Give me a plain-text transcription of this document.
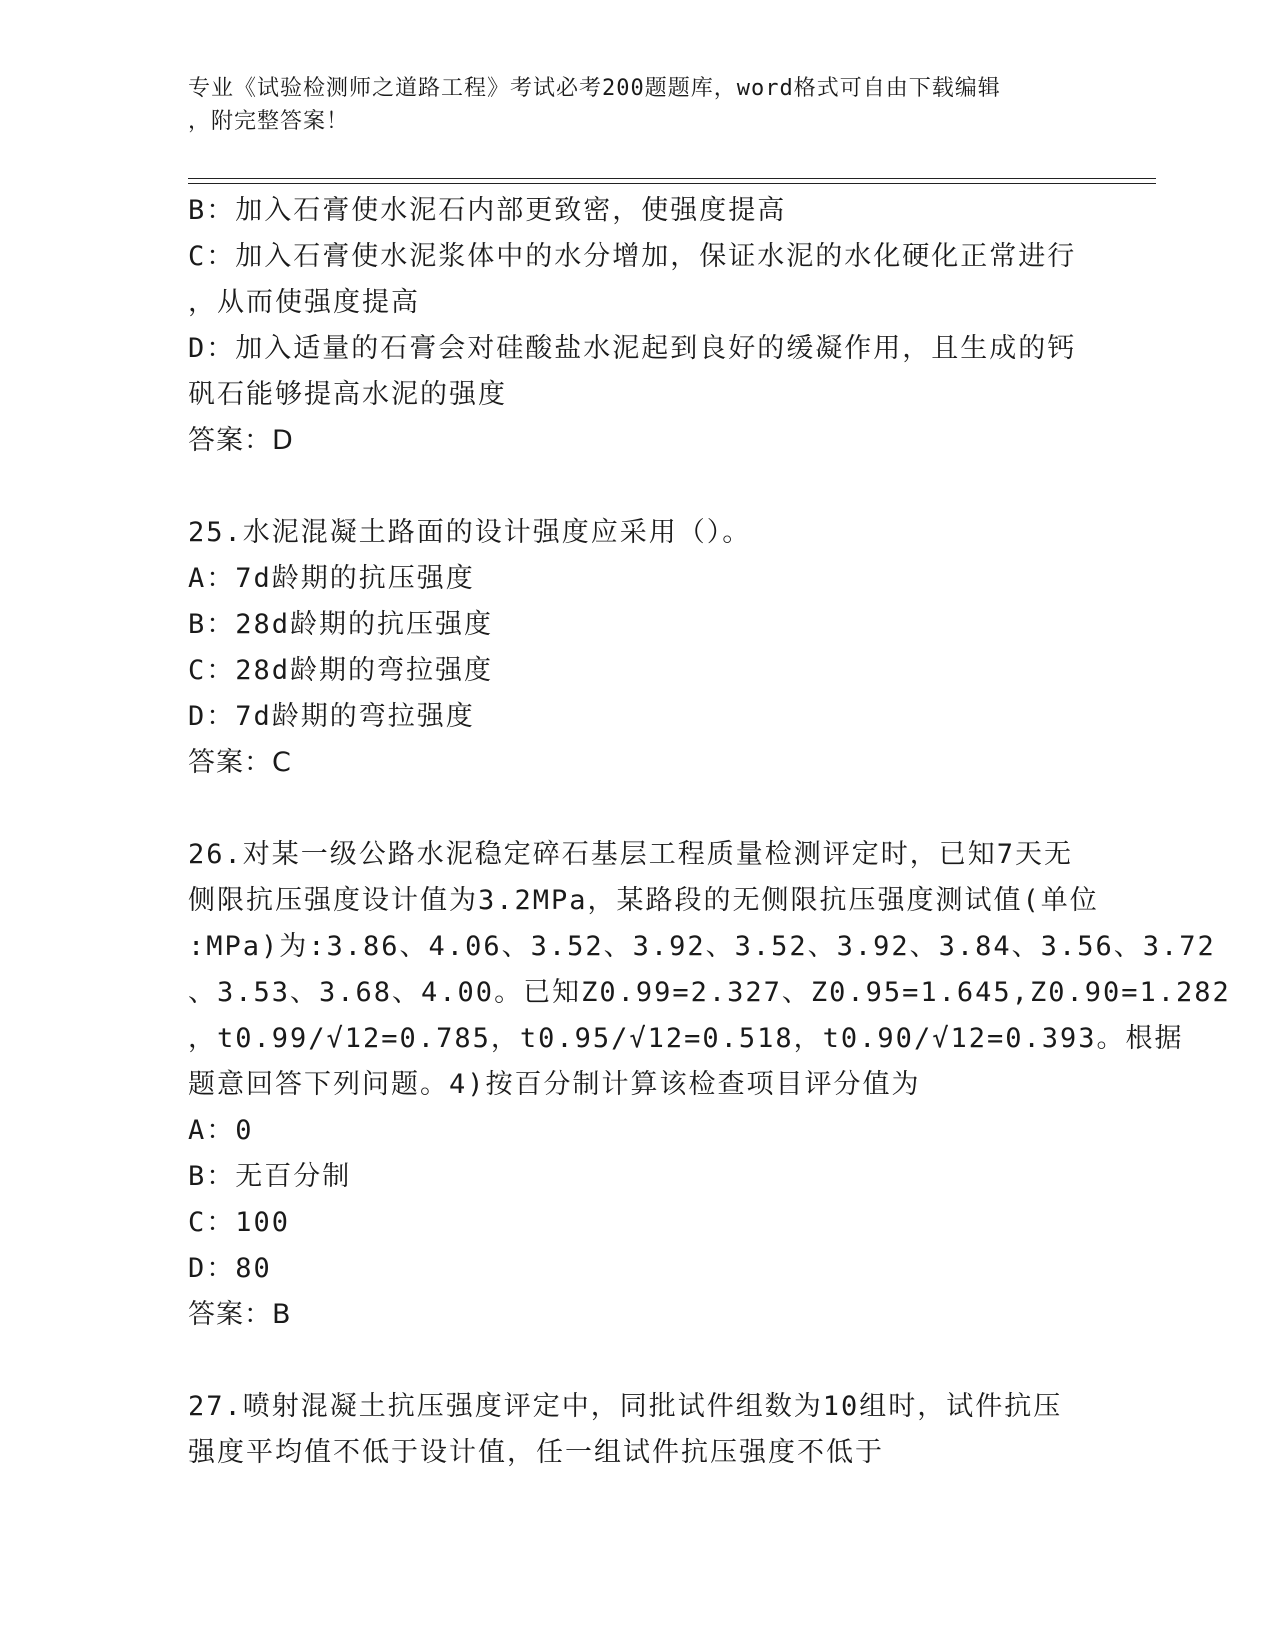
专业《试验检测师之道路工程》考试必考200题题库，word格式可自由下载编辑
，附完整答案！
B：加入石膏使水泥石内部更致密，使强度提高
C：加入石膏使水泥浆体中的水分增加，保证水泥的水化硬化正常进行
，从而使强度提高
D：加入适量的石膏会对硅酸盐水泥起到良好的缓凝作用，且生成的钙
矾石能够提高水泥的强度
答案：D
25.水泥混凝土路面的设计强度应采用（）。
A：7d龄期的抗压强度
B：28d龄期的抗压强度
C：28d龄期的弯拉强度
D：7d龄期的弯拉强度
答案：C
26.对某一级公路水泥稳定碎石基层工程质量检测评定时，已知7天无
侧限抗压强度设计值为3.2MPa，某路段的无侧限抗压强度测试值(单位
:MPa)为:3.86、4.06、3.52、3.92、3.52、3.92、3.84、3.56、3.72
、3.53、3.68、4.00。已知Z0.99=2.327、Z0.95=1.645,Z0.90=1.282
，t0.99/√12=0.785，t0.95/√12=0.518，t0.90/√12=0.393。根据
题意回答下列问题。4)按百分制计算该检查项目评分值为
A：0
B：无百分制
C：100
D：80
答案：B
27.喷射混凝土抗压强度评定中，同批试件组数为10组时，试件抗压
强度平均值不低于设计值，任一组试件抗压强度不低于
